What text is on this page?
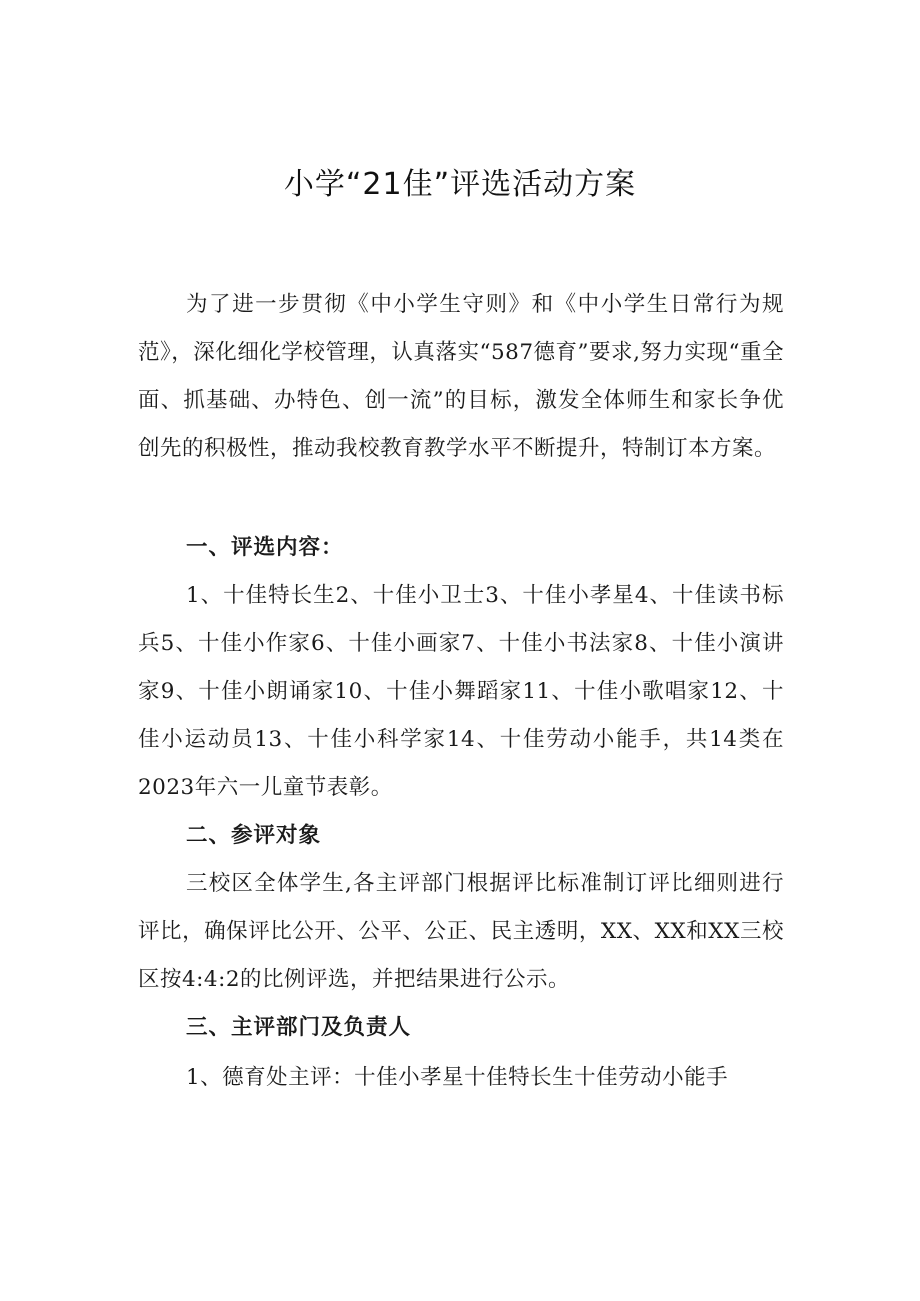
小学“21佳”评选活动方案

为了进一步贯彻《中小学生守则》和《中小学生日常行为规范》，深化细化学校管理，认真落实“587德育”要求,努力实现“重全面、抓基础、办特色、创一流”的目标，激发全体师生和家长争优创先的积极性，推动我校教育教学水平不断提升，特制订本方案。

一、评选内容：

1、十佳特长生2、十佳小卫士3、十佳小孝星4、十佳读书标兵5、十佳小作家6、十佳小画家7、十佳小书法家8、十佳小演讲家9、十佳小朗诵家10、十佳小舞蹈家11、十佳小歌唱家12、十佳小运动员13、十佳小科学家14、十佳劳动小能手，共14类在2023年六一儿童节表彰。

二、参评对象

三校区全体学生,各主评部门根据评比标准制订评比细则进行评比，确保评比公开、公平、公正、民主透明，XX、XX和XX三校区按4:4:2的比例评选，并把结果进行公示。

三、主评部门及负责人

1、德育处主评：十佳小孝星十佳特长生十佳劳动小能手
